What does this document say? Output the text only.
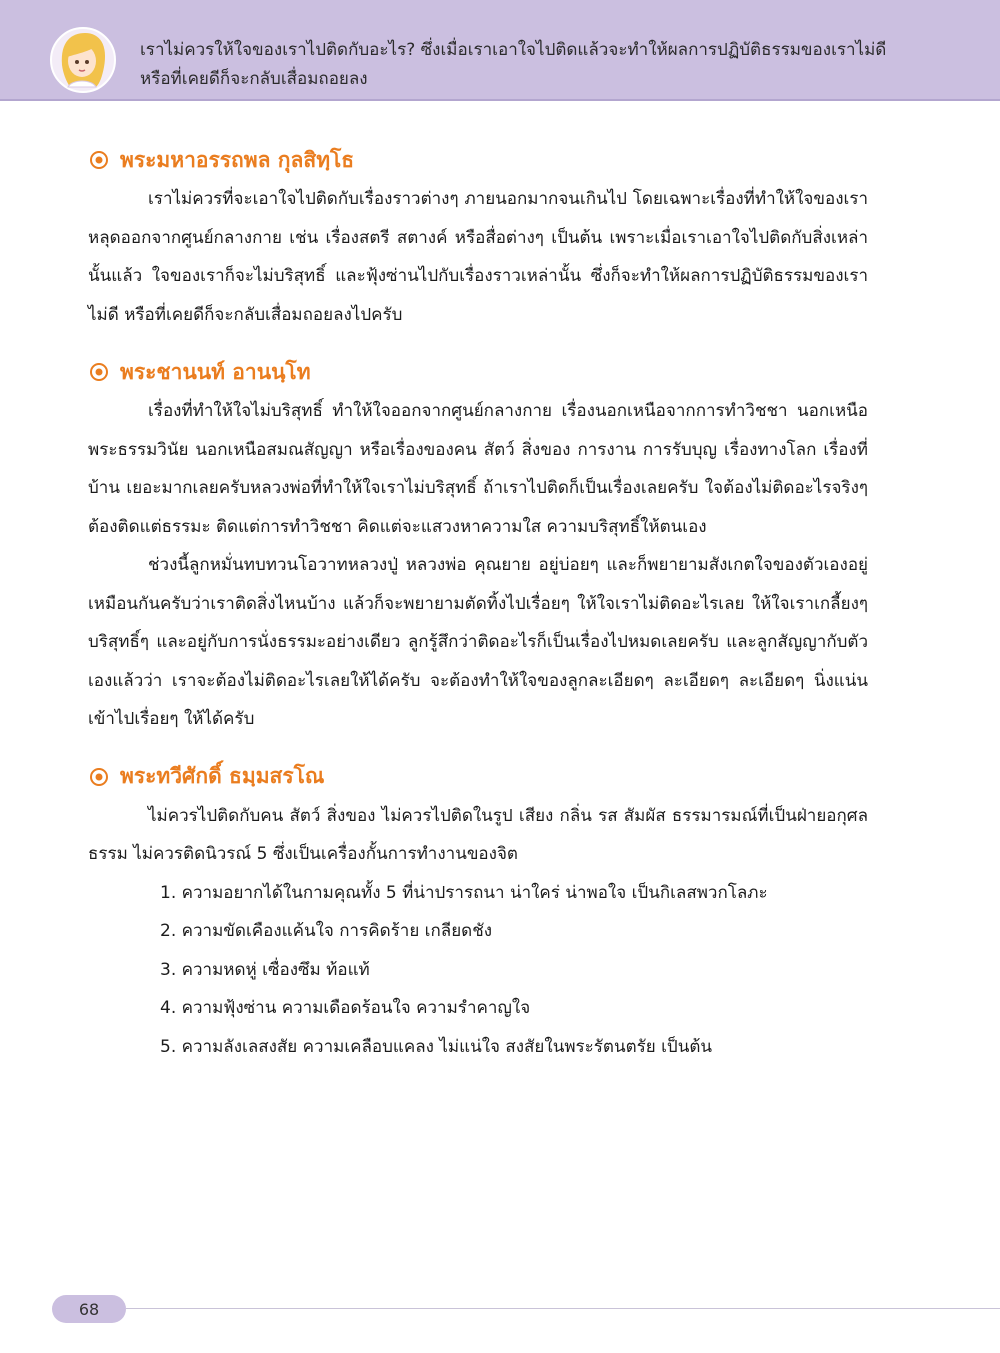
เราไม่ควรให้ใจของเราไปติดกับอะไร? ซึ่งเมื่อเราเอาใจไปติดแล้วจะทำให้ผลการปฏิบัติธรรมของเราไม่ดี
หรือที่เคยดีก็จะกลับเสื่อมถอยลง
พระมหาอรรถพล กุลสิทฺโธ

เราไม่ควรที่จะเอาใจไปติดกับเรื่องราวต่างๆ ภายนอกมากจนเกินไป โดยเฉพาะเรื่องที่ทำให้ใจของเราหลุดออกจากศูนย์กลางกาย เช่น เรื่องสตรี สตางค์ หรือสื่อต่างๆ เป็นต้น เพราะเมื่อเราเอาใจไปติดกับสิ่งเหล่านั้นแล้ว ใจของเราก็จะไม่บริสุทธิ์ และฟุ้งซ่านไปกับเรื่องราวเหล่านั้น ซึ่งก็จะทำให้ผลการปฏิบัติธรรมของเราไม่ดี หรือที่เคยดีก็จะกลับเสื่อมถอยลงไปครับ

พระชานนท์ อานนฺโท

เรื่องที่ทำให้ใจไม่บริสุทธิ์ ทำให้ใจออกจากศูนย์กลางกาย เรื่องนอกเหนือจากการทำวิชชา นอกเหนือพระธรรมวินัย นอกเหนือสมณสัญญา หรือเรื่องของคน สัตว์ สิ่งของ การงาน การรับบุญ เรื่องทางโลก เรื่องที่บ้าน เยอะมากเลยครับหลวงพ่อที่ทำให้ใจเราไม่บริสุทธิ์ ถ้าเราไปติดก็เป็นเรื่องเลยครับ ใจต้องไม่ติดอะไรจริงๆ ต้องติดแต่ธรรมะ ติดแต่การทำวิชชา คิดแต่จะแสวงหาความใส ความบริสุทธิ์ให้ตนเอง

ช่วงนี้ลูกหมั่นทบทวนโอวาทหลวงปู่ หลวงพ่อ คุณยาย อยู่บ่อยๆ และก็พยายามสังเกตใจของตัวเองอยู่เหมือนกันครับว่าเราติดสิ่งไหนบ้าง แล้วก็จะพยายามตัดทิ้งไปเรื่อยๆ ให้ใจเราไม่ติดอะไรเลย ให้ใจเราเกลี้ยงๆ บริสุทธิ์ๆ และอยู่กับการนั่งธรรมะอย่างเดียว ลูกรู้สึกว่าติดอะไรก็เป็นเรื่องไปหมดเลยครับ และลูกสัญญากับตัวเองแล้วว่า เราจะต้องไม่ติดอะไรเลยให้ได้ครับ จะต้องทำให้ใจของลูกละเอียดๆ ละเอียดๆ ละเอียดๆ นิ่งแน่นเข้าไปเรื่อยๆ ให้ได้ครับ

พระทวีศักดิ์ ธมฺมสรโณ

ไม่ควรไปติดกับคน สัตว์ สิ่งของ ไม่ควรไปติดในรูป เสียง กลิ่น รส สัมผัส ธรรมารมณ์ที่เป็นฝ่ายอกุศลธรรม ไม่ควรติดนิวรณ์ 5 ซึ่งเป็นเครื่องกั้นการทำงานของจิต

1. ความอยากได้ในกามคุณทั้ง 5 ที่น่าปรารถนา น่าใคร่ น่าพอใจ เป็นกิเลสพวกโลภะ
2. ความขัดเคืองแค้นใจ การคิดร้าย เกลียดชัง
3. ความหดหู่ เซื่องซึม ท้อแท้
4. ความฟุ้งซ่าน ความเดือดร้อนใจ ความรำคาญใจ
5. ความลังเลสงสัย ความเคลือบแคลง ไม่แน่ใจ สงสัยในพระรัตนตรัย เป็นต้น
68
